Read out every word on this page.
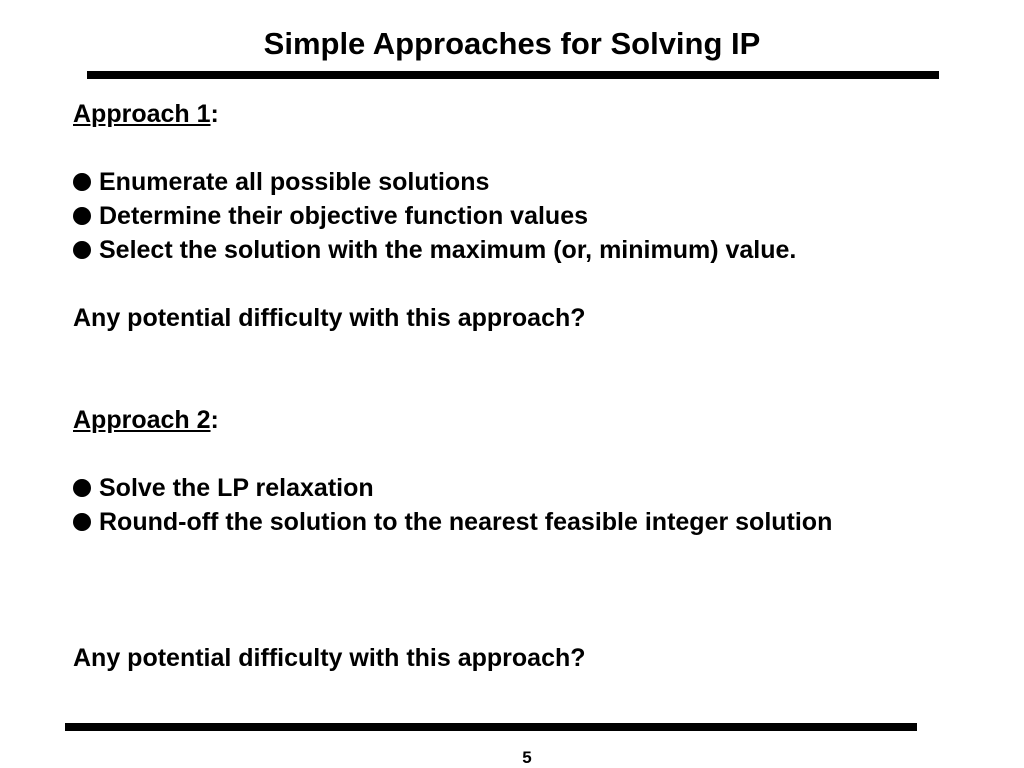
Simple Approaches for Solving IP
Approach 1:
Enumerate all possible solutions
Determine their objective function values
Select the solution with the maximum (or, minimum) value.
Any potential difficulty with this approach?
Approach 2:
Solve the LP relaxation
Round-off the solution to the nearest feasible integer solution
Any potential difficulty with this approach?
5
